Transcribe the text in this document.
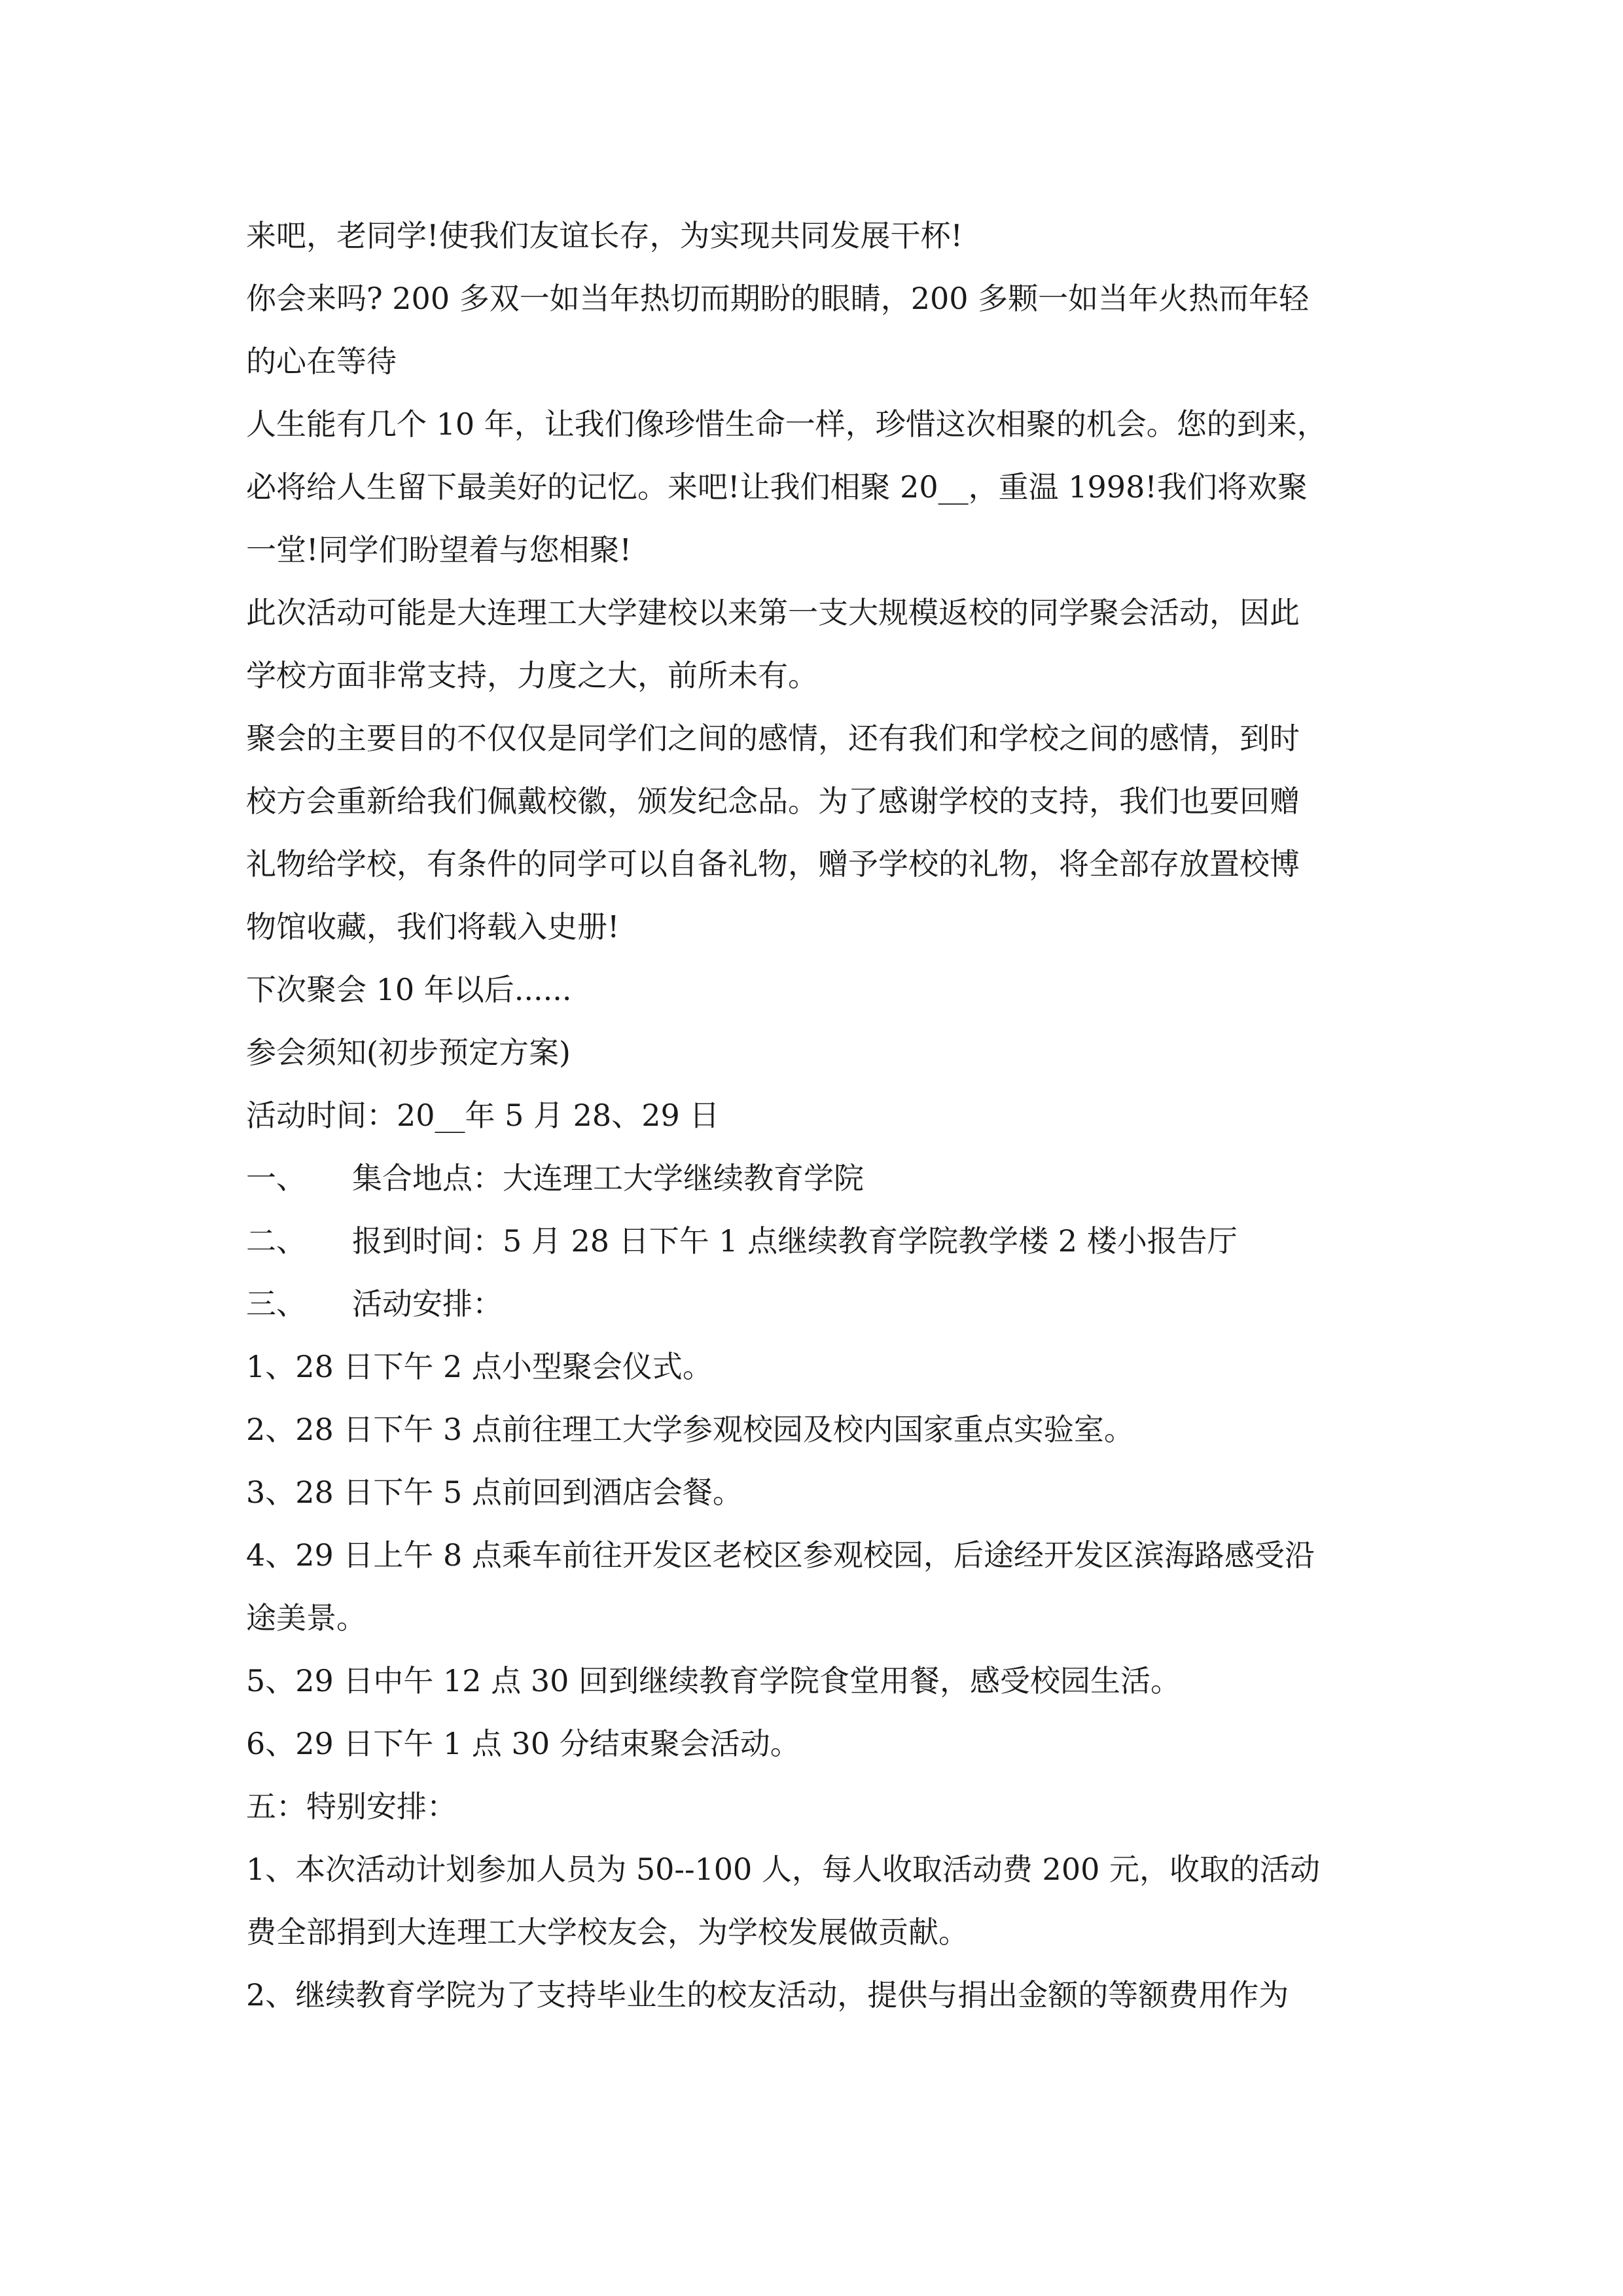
来吧，老同学!使我们友谊长存，为实现共同发展干杯!

你会来吗? 200 多双一如当年热切而期盼的眼睛，200 多颗一如当年火热而年轻

的心在等待

人生能有几个 10 年，让我们像珍惜生命一样，珍惜这次相聚的机会。您的到来，

必将给人生留下最美好的记忆。来吧!让我们相聚 20__，重温 1998!我们将欢聚

一堂!同学们盼望着与您相聚!

此次活动可能是大连理工大学建校以来第一支大规模返校的同学聚会活动，因此

学校方面非常支持，力度之大，前所未有。

聚会的主要目的不仅仅是同学们之间的感情，还有我们和学校之间的感情，到时

校方会重新给我们佩戴校徽，颁发纪念品。为了感谢学校的支持，我们也要回赠

礼物给学校，有条件的同学可以自备礼物，赠予学校的礼物，将全部存放置校博

物馆收藏，我们将载入史册!

下次聚会 10 年以后......

参会须知(初步预定方案)

活动时间：20__年 5 月 28、29 日

一、 集合地点：大连理工大学继续教育学院

二、 报到时间：5 月 28 日下午 1 点继续教育学院教学楼 2 楼小报告厅

三、 活动安排：

1、28 日下午 2 点小型聚会仪式。

2、28 日下午 3 点前往理工大学参观校园及校内国家重点实验室。

3、28 日下午 5 点前回到酒店会餐。

4、29 日上午 8 点乘车前往开发区老校区参观校园，后途经开发区滨海路感受沿

途美景。

5、29 日中午 12 点 30 回到继续教育学院食堂用餐，感受校园生活。

6、29 日下午 1 点 30 分结束聚会活动。

五：特别安排：

1、本次活动计划参加人员为 50--100 人，每人收取活动费 200 元，收取的活动

费全部捐到大连理工大学校友会，为学校发展做贡献。

2、继续教育学院为了支持毕业生的校友活动，提供与捐出金额的等额费用作为
